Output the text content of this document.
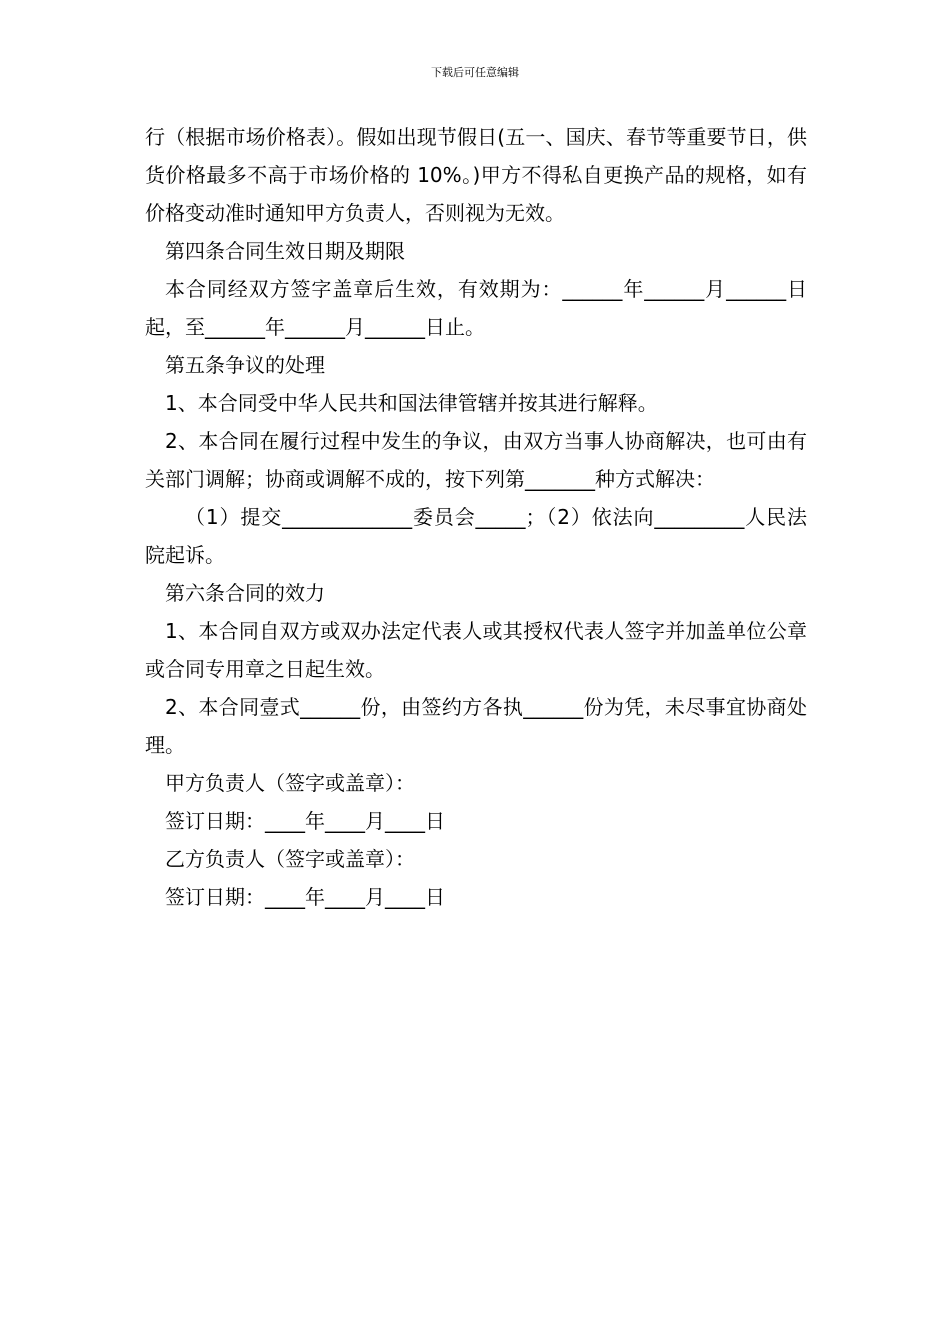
下载后可任意编辑

行（根据市场价格表）。假如出现节假日(五一、国庆、春节等重要节日，供货价格最多不高于市场价格的 10%。)甲方不得私自更换产品的规格，如有价格变动准时通知甲方负责人，否则视为无效。

第四条合同生效日期及期限

本合同经双方签字盖章后生效，有效期为：______年______月______日起，至______年______月______日止。

第五条争议的处理

1、本合同受中华人民共和国法律管辖并按其进行解释。

2、本合同在履行过程中发生的争议，由双方当事人协商解决，也可由有关部门调解；协商或调解不成的，按下列第_______种方式解决：

（1）提交_____________委员会_____；（2）依法向_________人民法院起诉。

第六条合同的效力

1、本合同自双方或双办法定代表人或其授权代表人签字并加盖单位公章或合同专用章之日起生效。

2、本合同壹式______份，由签约方各执______份为凭，未尽事宜协商处理。

甲方负责人（签字或盖章）：

签订日期：____年____月____日

乙方负责人（签字或盖章）：

签订日期：____年____月____日
